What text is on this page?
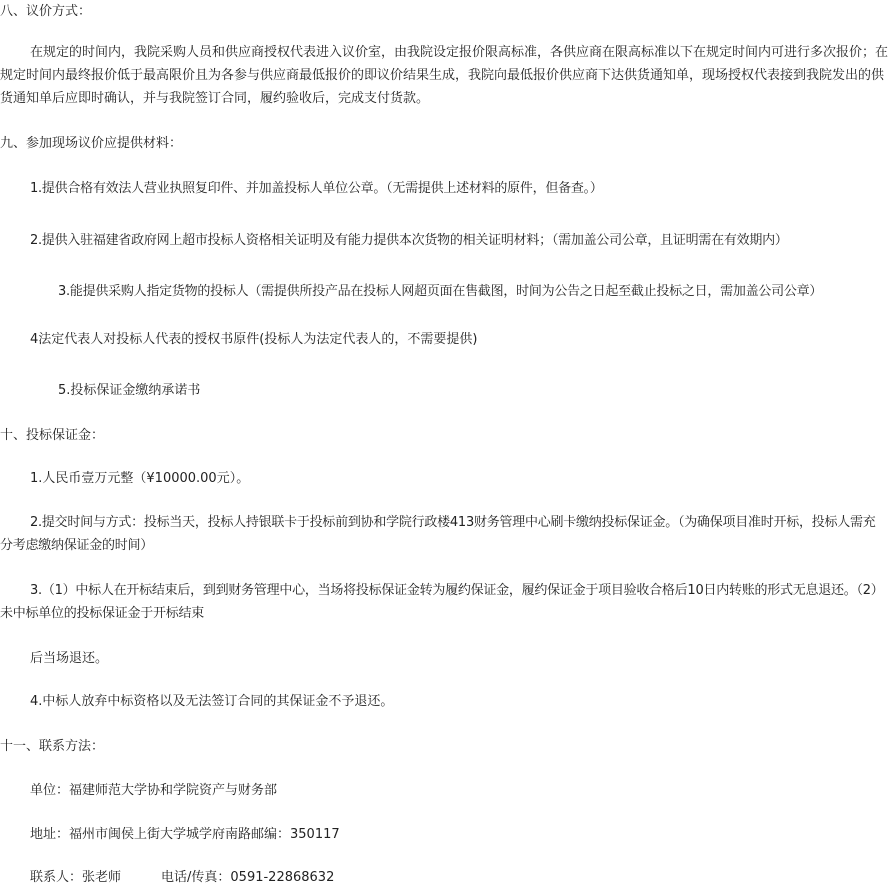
八、议价方式：
在规定的时间内，我院采购人员和供应商授权代表进入议价室，由我院设定报价限高标准，各供应商在限高标准以下在规定时间内可进行多次报价；在规定时间内最终报价低于最高限价且为各参与供应商最低报价的即议价结果生成，我院向最低报价供应商下达供货通知单，现场授权代表接到我院发出的供货通知单后应即时确认，并与我院签订合同，履约验收后，完成支付货款。
九、参加现场议价应提供材料：
1.提供合格有效法人营业执照复印件、并加盖投标人单位公章。（无需提供上述材料的原件，但备查。）
2.提供入驻福建省政府网上超市投标人资格相关证明及有能力提供本次货物的相关证明材料；（需加盖公司公章，且证明需在有效期内）
3.能提供采购人指定货物的投标人（需提供所投产品在投标人网超页面在售截图，时间为公告之日起至截止投标之日，需加盖公司公章）
4法定代表人对投标人代表的授权书原件(投标人为法定代表人的，不需要提供)
5.投标保证金缴纳承诺书
十、投标保证金：
1.人民币壹万元整（¥10000.00元）。
2.提交时间与方式：投标当天，投标人持银联卡于投标前到协和学院行政楼413财务管理中心刷卡缴纳投标保证金。（为确保项目准时开标，投标人需充分考虑缴纳保证金的时间）
3.（1）中标人在开标结束后，到到财务管理中心，当场将投标保证金转为履约保证金，履约保证金于项目验收合格后10日内转账的形式无息退还。（2）未中标单位的投标保证金于开标结束
后当场退还。
4.中标人放弃中标资格以及无法签订合同的其保证金不予退还。
十一、联系方法：
单位：福建师范大学协和学院资产与财务部
地址：福州市闽侯上街大学城学府南路邮编：350117
联系人：张老师	电话/传真：0591-22868632
